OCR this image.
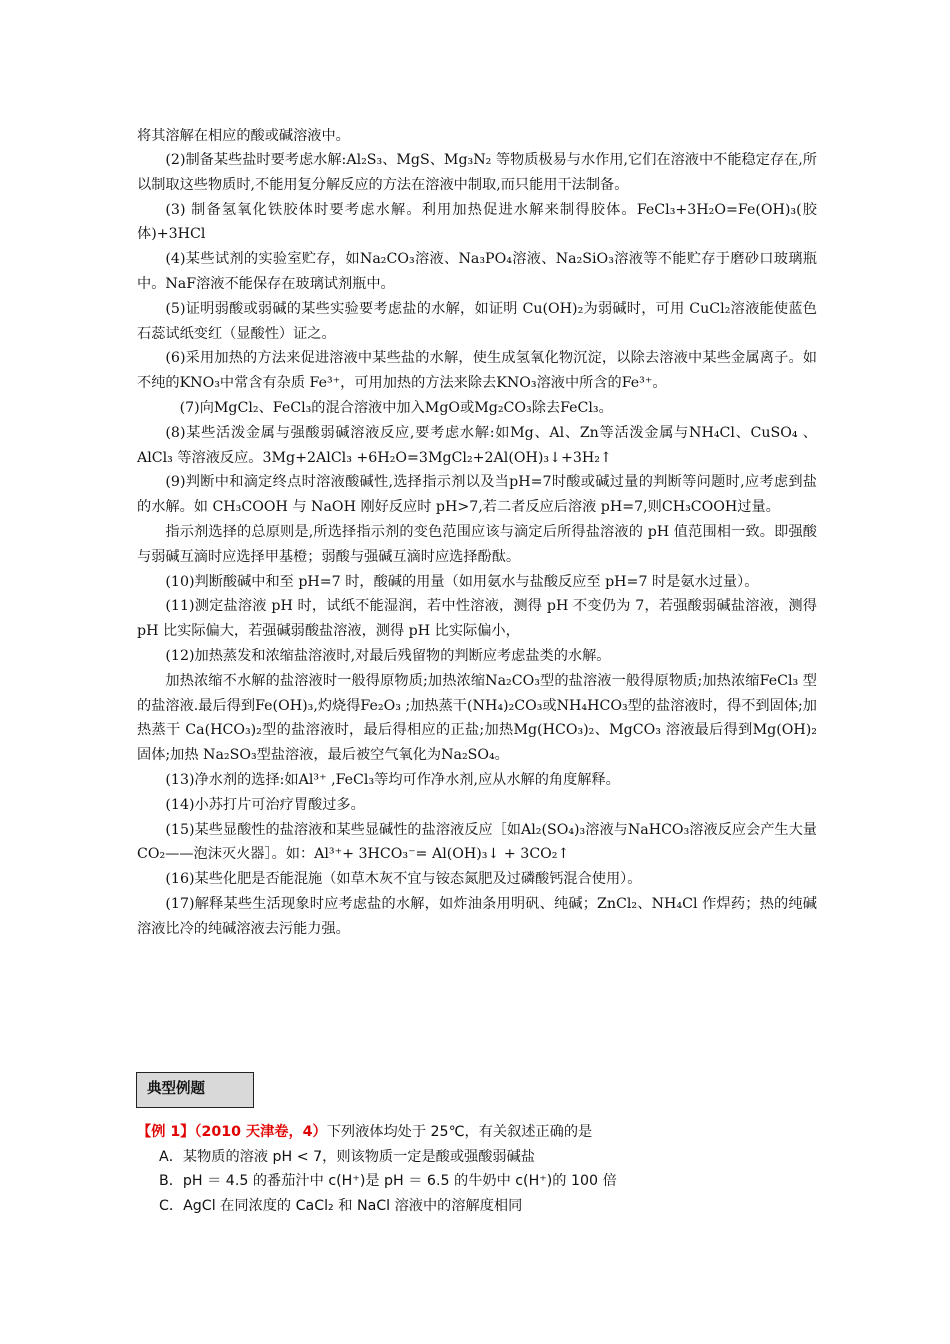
将其溶解在相应的酸或碱溶液中。

(2)制备某些盐时要考虑水解:Al₂S₃、MgS、Mg₃N₂ 等物质极易与水作用,它们在溶液中不能稳定存在,所以制取这些物质时,不能用复分解反应的方法在溶液中制取,而只能用干法制备。

(3) 制备氢氧化铁胶体时要考虑水解。利用加热促进水解来制得胶体。FeCl₃+3H₂O=Fe(OH)₃(胶体)+3HCl

(4)某些试剂的实验室贮存，如Na₂CO₃溶液、Na₃PO₄溶液、Na₂SiO₃溶液等不能贮存于磨砂口玻璃瓶中。NaF溶液不能保存在玻璃试剂瓶中。

(5)证明弱酸或弱碱的某些实验要考虑盐的水解，如证明 Cu(OH)₂为弱碱时，可用 CuCl₂溶液能使蓝色石蕊试纸变红（显酸性）证之。

(6)采用加热的方法来促进溶液中某些盐的水解，使生成氢氧化物沉淀，以除去溶液中某些金属离子。如不纯的KNO₃中常含有杂质 Fe³⁺，可用加热的方法来除去KNO₃溶液中所含的Fe³⁺。

(7)向MgCl₂、FeCl₃的混合溶液中加入MgO或Mg₂CO₃除去FeCl₃。

(8)某些活泼金属与强酸弱碱溶液反应,要考虑水解:如Mg、Al、Zn等活泼金属与NH₄Cl、CuSO₄ 、AlCl₃ 等溶液反应。3Mg+2AlCl₃ +6H₂O=3MgCl₂+2Al(OH)₃↓+3H₂↑

(9)判断中和滴定终点时溶液酸碱性,选择指示剂以及当pH=7时酸或碱过量的判断等问题时,应考虑到盐的水解。如 CH₃COOH 与 NaOH 刚好反应时 pH>7,若二者反应后溶液 pH=7,则CH₃COOH过量。

指示剂选择的总原则是,所选择指示剂的变色范围应该与滴定后所得盐溶液的 pH 值范围相一致。即强酸与弱碱互滴时应选择甲基橙；弱酸与强碱互滴时应选择酚酞。

(10)判断酸碱中和至 pH=7 时，酸碱的用量（如用氨水与盐酸反应至 pH=7 时是氨水过量）。

(11)测定盐溶液 pH 时，试纸不能湿润，若中性溶液，测得 pH 不变仍为 7，若强酸弱碱盐溶液，测得 pH 比实际偏大，若强碱弱酸盐溶液，测得 pH 比实际偏小，

(12)加热蒸发和浓缩盐溶液时,对最后残留物的判断应考虑盐类的水解。

加热浓缩不水解的盐溶液时一般得原物质;加热浓缩Na₂CO₃型的盐溶液一般得原物质;加热浓缩FeCl₃ 型的盐溶液.最后得到Fe(OH)₃,灼烧得Fe₂O₃ ;加热蒸干(NH₄)₂CO₃或NH₄HCO₃型的盐溶液时，得不到固体;加热蒸干 Ca(HCO₃)₂型的盐溶液时，最后得相应的正盐;加热Mg(HCO₃)₂、MgCO₃ 溶液最后得到Mg(OH)₂ 固体;加热 Na₂SO₃型盐溶液，最后被空气氧化为Na₂SO₄。

(13)净水剂的选择:如Al³⁺ ,FeCl₃等均可作净水剂,应从水解的角度解释。

(14)小苏打片可治疗胃酸过多。

(15)某些显酸性的盐溶液和某些显碱性的盐溶液反应［如Al₂(SO₄)₃溶液与NaHCO₃溶液反应会产生大量CO₂——泡沫灭火器］。如：Al³⁺+ 3HCO₃⁻= Al(OH)₃↓ + 3CO₂↑

(16)某些化肥是否能混施（如草木灰不宜与铵态氮肥及过磷酸钙混合使用）。

(17)解释某些生活现象时应考虑盐的水解，如炸油条用明矾、纯碱；ZnCl₂、NH₄Cl 作焊药；热的纯碱溶液比冷的纯碱溶液去污能力强。

典型例题
【例 1】（2010 天津卷，4）下列液体均处于 25℃，有关叙述正确的是
A．某物质的溶液 pH < 7，则该物质一定是酸或强酸弱碱盐
B．pH ＝ 4.5 的番茄汁中 c(H⁺)是 pH ＝ 6.5 的牛奶中 c(H⁺)的 100 倍
C．AgCl 在同浓度的 CaCl₂ 和 NaCl 溶液中的溶解度相同
